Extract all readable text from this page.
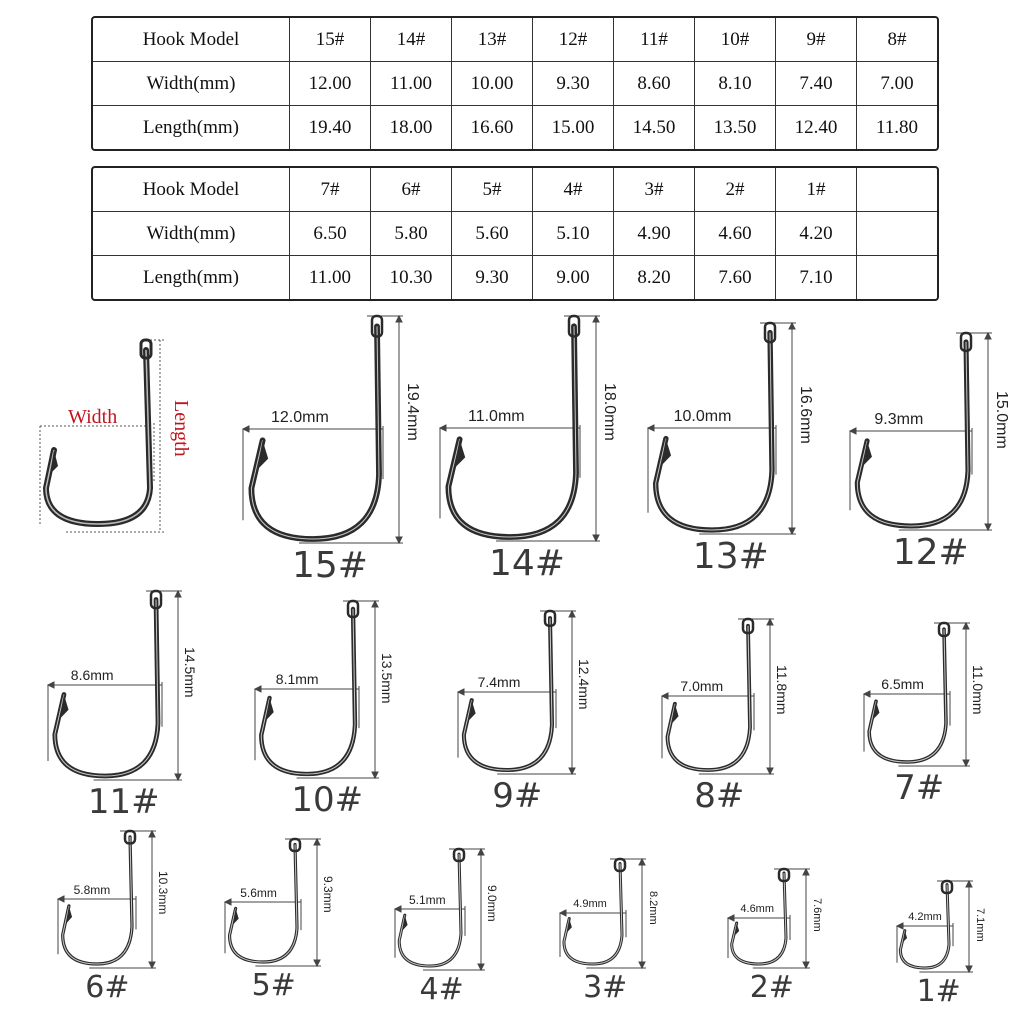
Hook Model	15#	14#	13#	12#	11#	10#	9#	8#
Width(mm)	12.00	11.00	10.00	9.30	8.60	8.10	7.40	7.00
Length(mm)	19.40	18.00	16.60	15.00	14.50	13.50	12.40	11.80
Hook Model	7#	6#	5#	4#	3#	2#	1#	
Width(mm)	6.50	5.80	5.60	5.10	4.90	4.60	4.20	
Length(mm)	11.00	10.30	9.30	9.00	8.20	7.60	7.10	
Width	Length	12.0mm	19.4mm
15#
11.0mm	18.0mm
14#
10.0mm	16.6mm
13#
9.3mm	15.0mm
12#
8.6mm	14.5mm
11#
8.1mm	13.5mm
10#
7.4mm	12.4mm
9#
7.0mm	11.8mm
8#
6.5mm	11.0mm
7#
5.8mm	10.3mm
6#
5.6mm	9.3mm
5#
5.1mm	9.0mm
4#
4.9mm	8.2mm
3#
4.6mm	7.6mm
2#
4.2mm	7.1mm
1#
